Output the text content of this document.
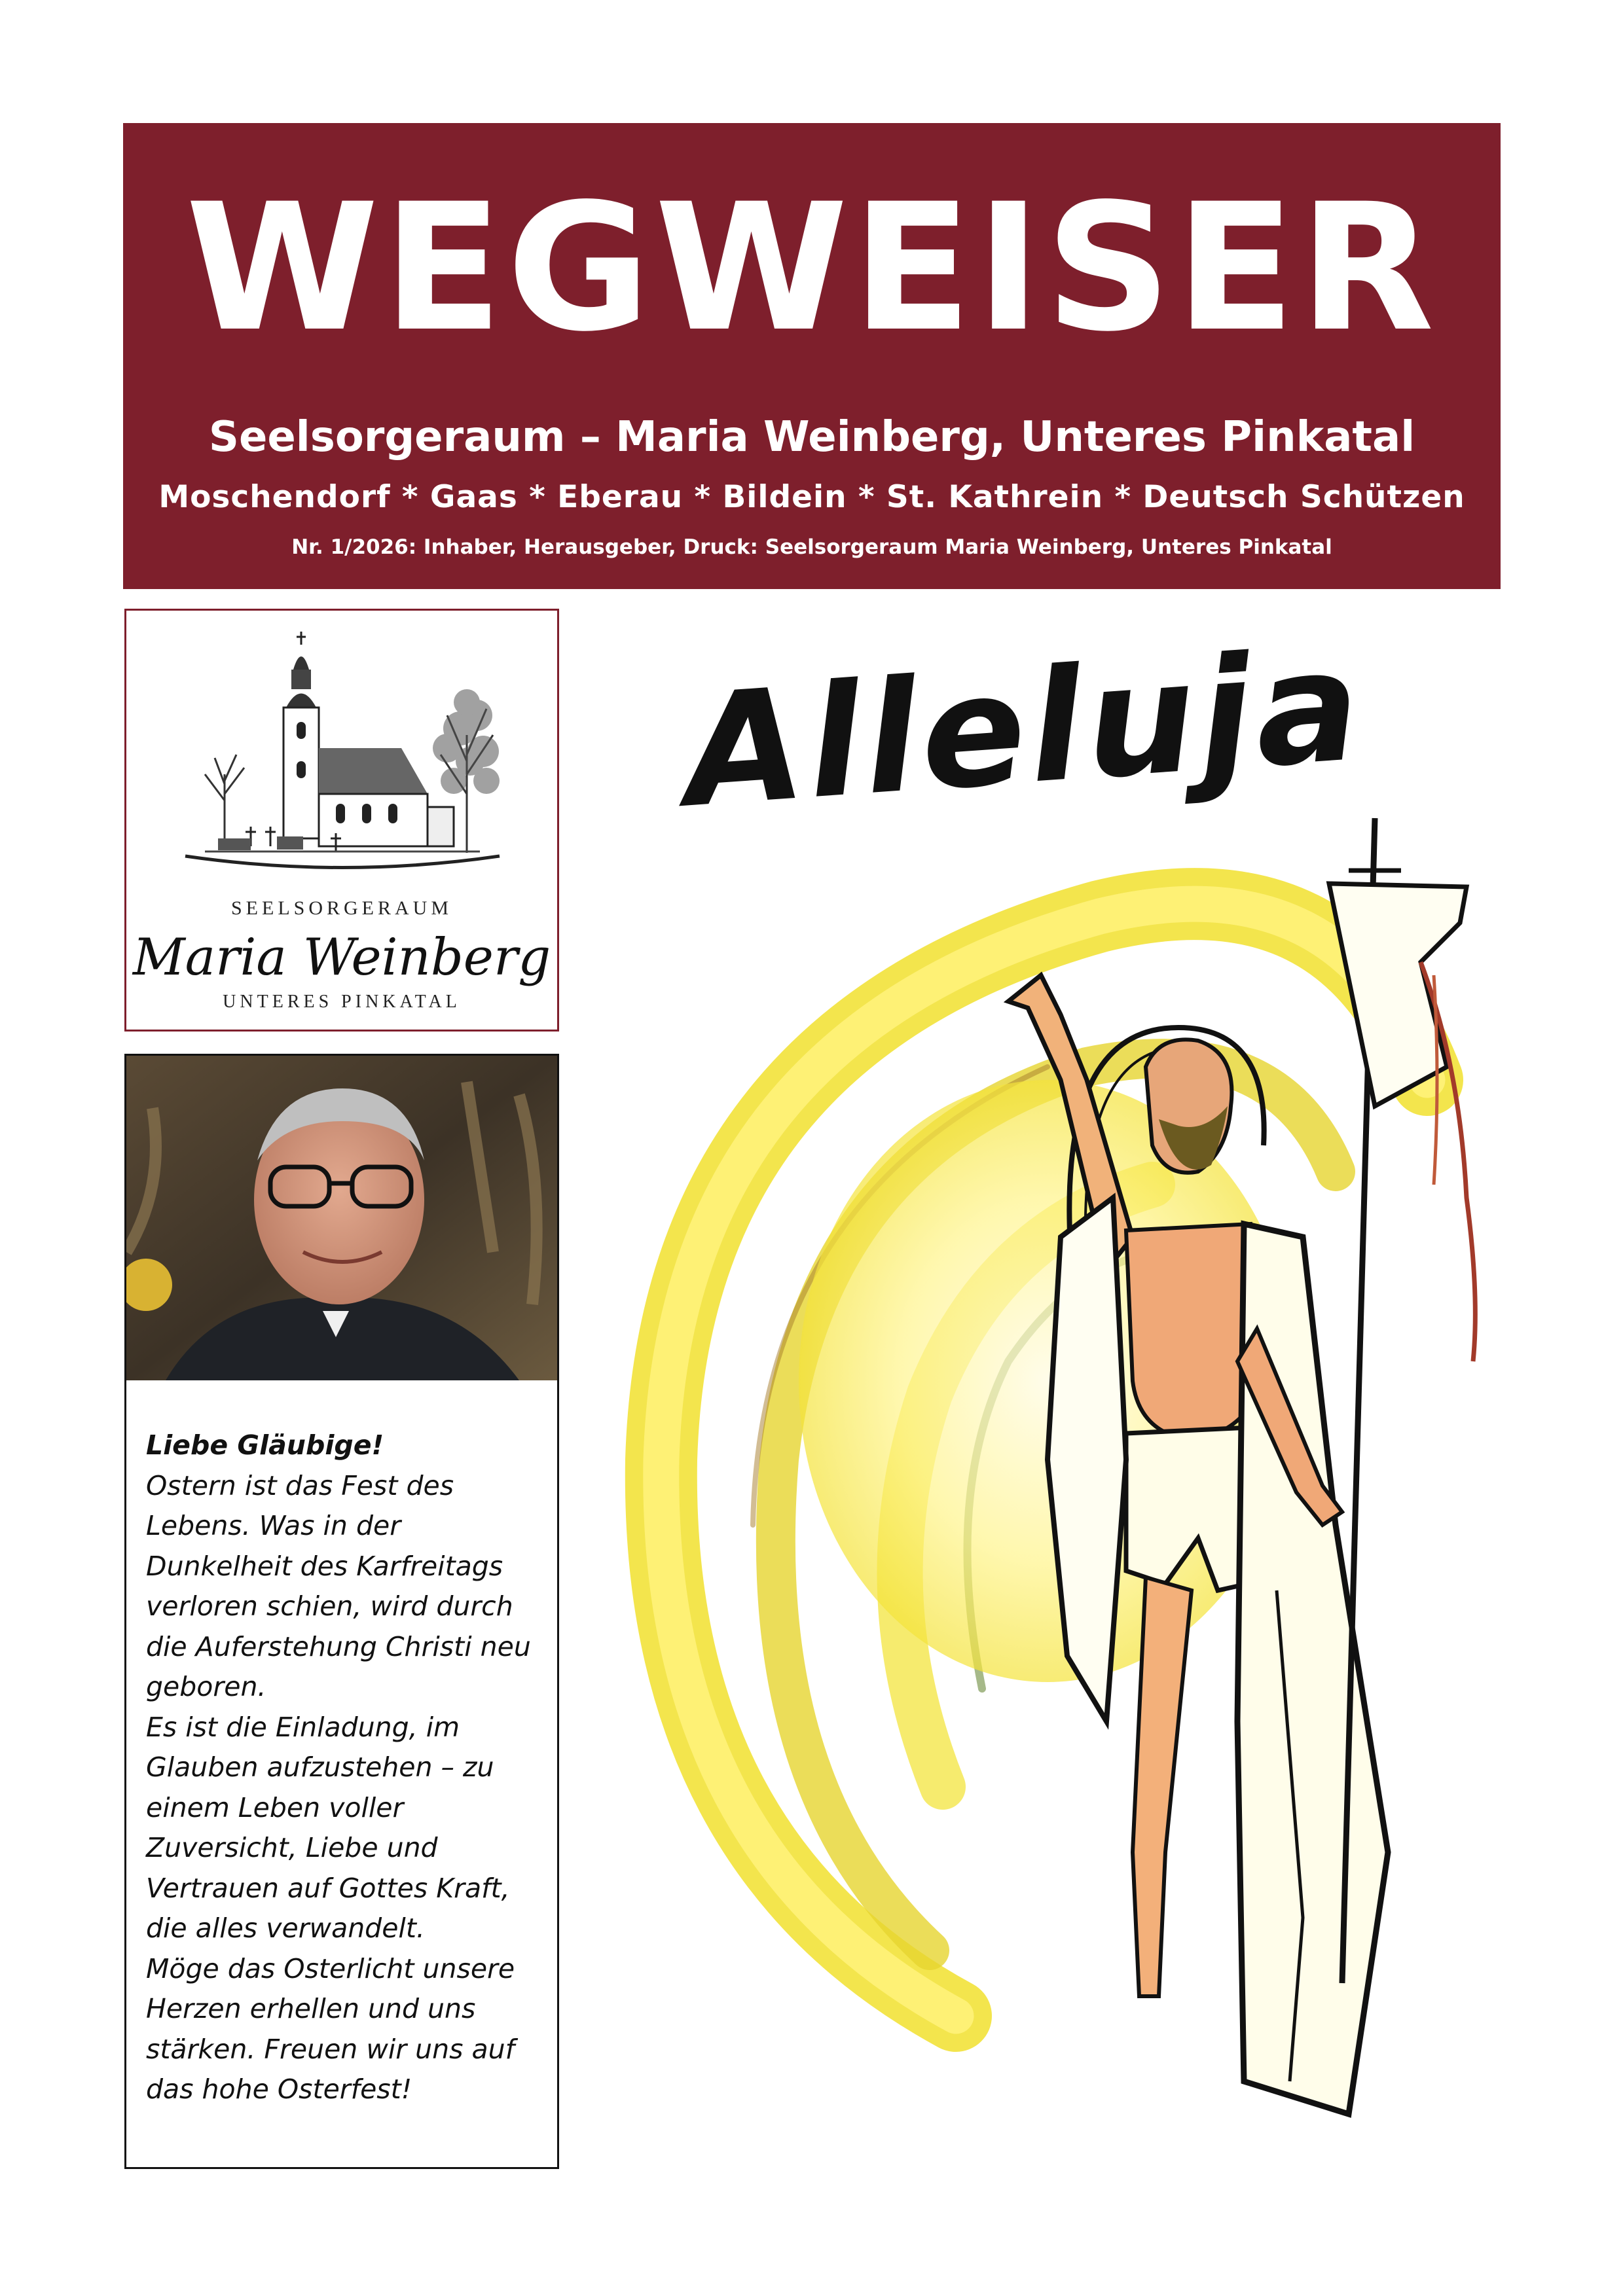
WEGWEISER
Seelsorgeraum – Maria Weinberg, Unteres Pinkatal
Moschendorf * Gaas * Eberau * Bildein * St. Kathrein * Deutsch Schützen
Nr. 1/2026: Inhaber, Herausgeber, Druck: Seelsorgeraum Maria Weinberg, Unteres Pinkatal
SEELSORGERAUM
Maria Weinberg
UNTERES PINKATAL
Liebe Gläubige!
Ostern ist das Fest des
Lebens. Was in der
Dunkelheit des Karfreitags
verloren schien, wird durch
die Auferstehung Christi neu
geboren.
Es ist die Einladung, im
Glauben aufzustehen – zu
einem Leben voller
Zuversicht, Liebe und
Vertrauen auf Gottes Kraft,
die alles verwandelt.
Möge das Osterlicht unsere
Herzen erhellen und uns
stärken. Freuen wir uns auf
das hohe Osterfest!
Alleluja
